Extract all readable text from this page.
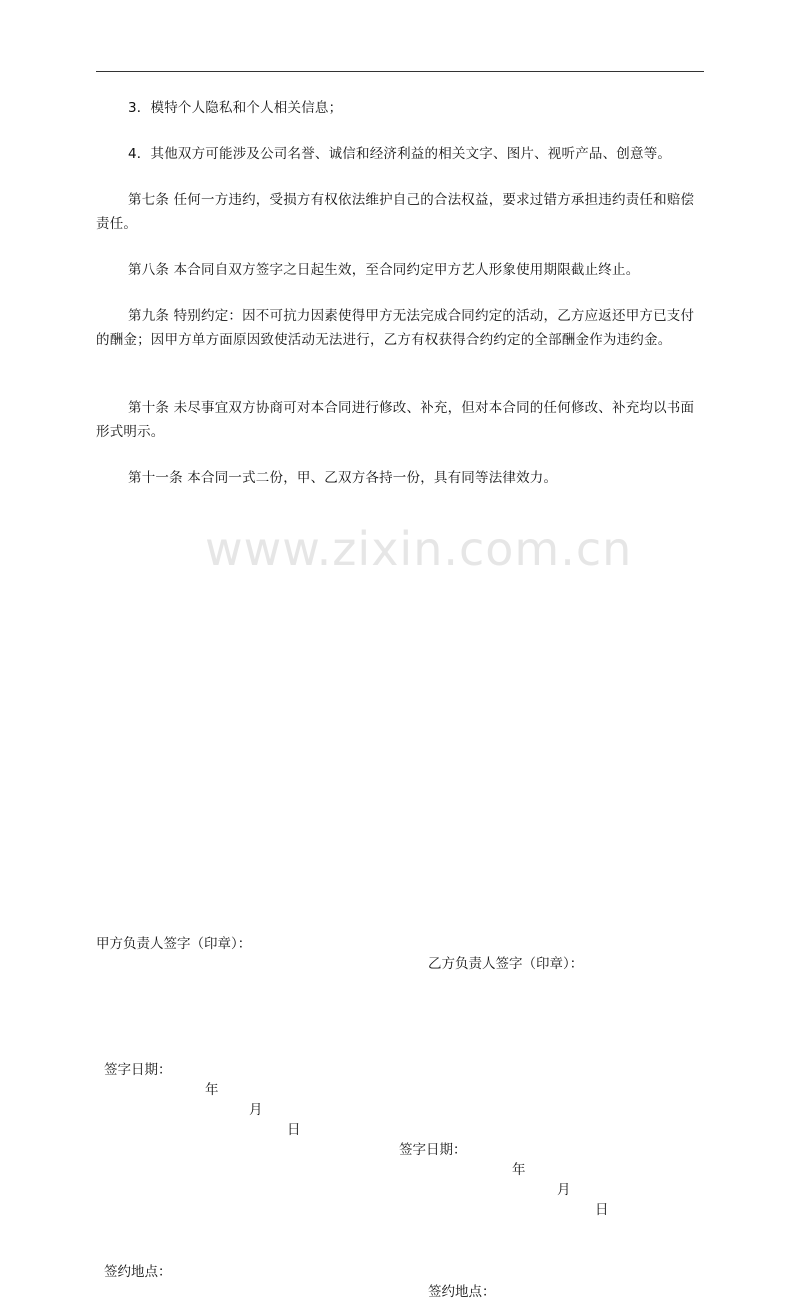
www.zixin.com.cn

3．模特个人隐私和个人相关信息；

4．其他双方可能涉及公司名誉、诚信和经济利益的相关文字、图片、视听产品、创意等。

第七条 任何一方违约，受损方有权依法维护自己的合法权益，要求过错方承担违约责任和赔偿责任。

第八条 本合同自双方签字之日起生效，至合同约定甲方艺人形象使用期限截止终止。

第九条 特别约定：因不可抗力因素使得甲方无法完成合同约定的活动，乙方应返还甲方已支付的酬金；因甲方单方面原因致使活动无法进行，乙方有权获得合约约定的全部酬金作为违约金。

第十条 未尽事宜双方协商可对本合同进行修改、补充，但对本合同的任何修改、补充均以书面形式明示。

第十一条 本合同一式二份，甲、乙双方各持一份，具有同等法律效力。

甲方负责人签字（印章）：
乙方负责人签字（印章）：
签字日期：
年
月
日
签字日期：
年
月
日
签约地点：
签约地点：
